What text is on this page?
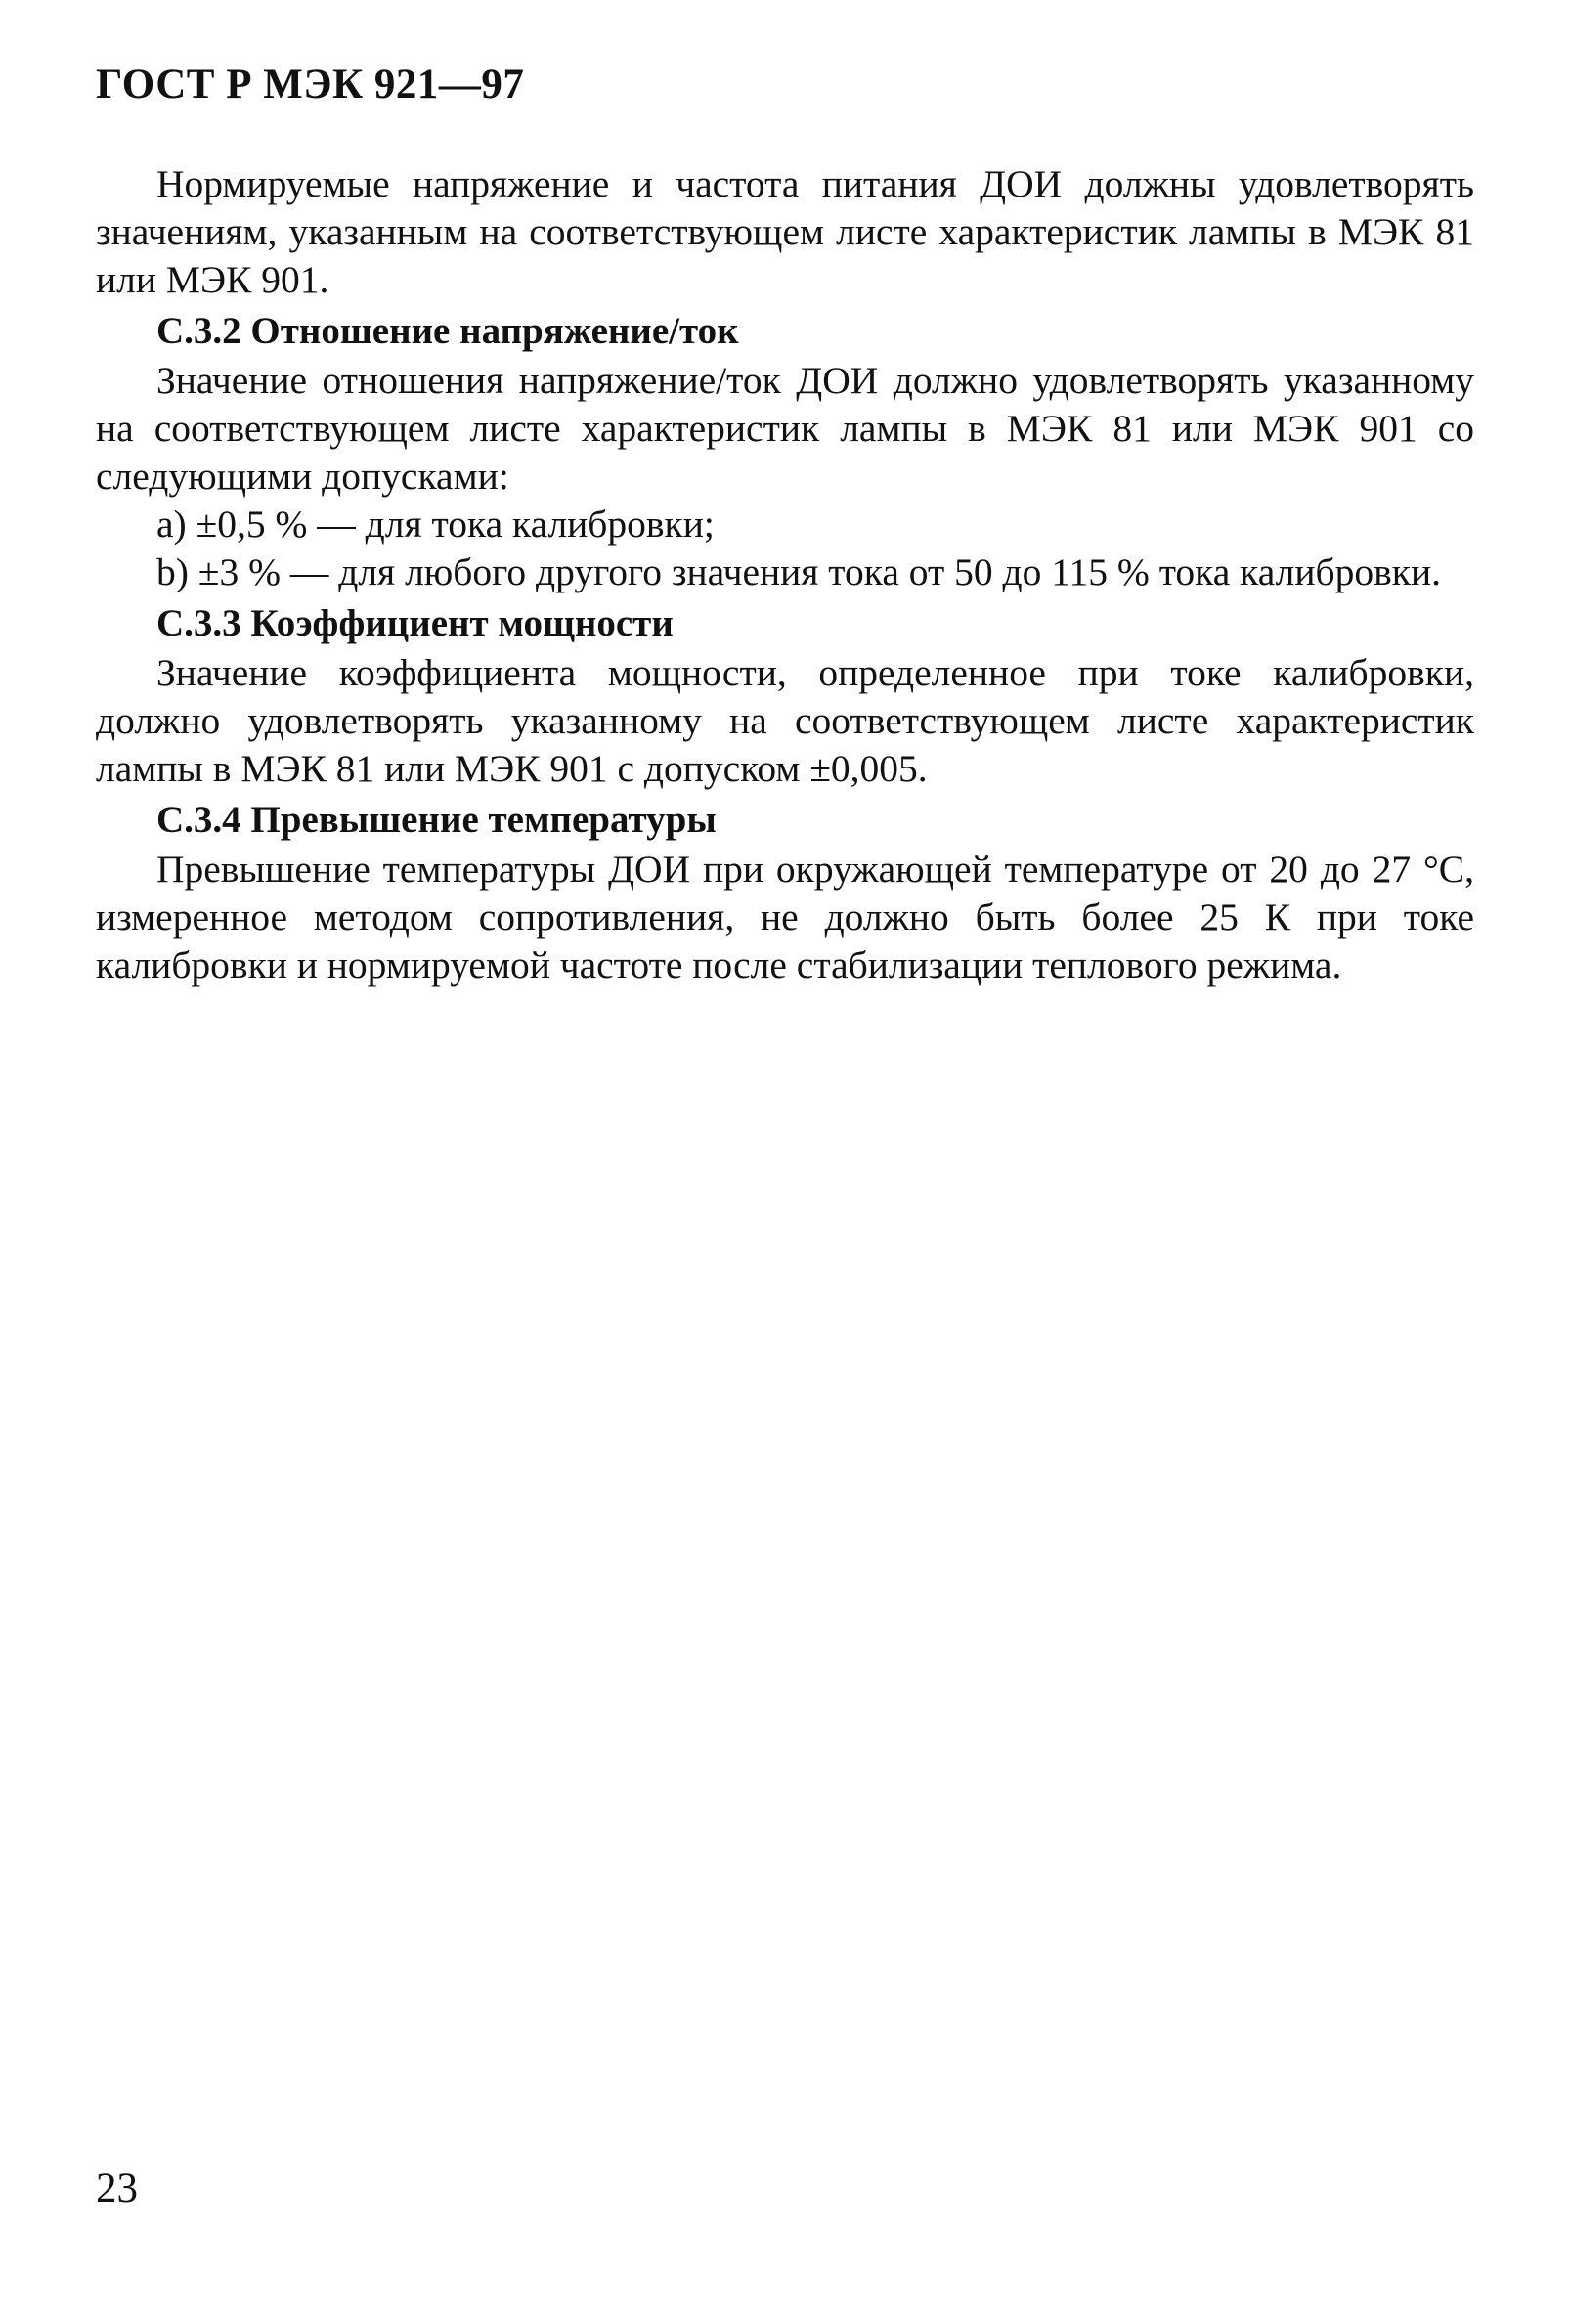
ГОСТ Р МЭК 921—97

Нормируемые напряжение и частота питания ДОИ должны удовлетворять значениям, указанным на соответствующем листе характеристик лампы в МЭК 81 или МЭК 901.

С.3.2 Отношение напряжение/ток

Значение отношения напряжение/ток ДОИ должно удовлетворять указанному на соответствующем листе характеристик лампы в МЭК 81 или МЭК 901 со следующими допусками:

а) ±0,5 % — для тока калибровки;

b) ±3 % — для любого другого значения тока от 50 до 115 % тока калибровки.

С.3.3 Коэффициент мощности

Значение коэффициента мощности, определенное при токе калибровки, должно удовлетворять указанному на соответствующем листе характеристик лампы в МЭК 81 или МЭК 901 с допуском ±0,005.

С.3.4 Превышение температуры

Превышение температуры ДОИ при окружающей температуре от 20 до 27 °С, измеренное методом сопротивления, не должно быть более 25 К при токе калибровки и нормируемой частоте после стабилизации теплового режима.

23
